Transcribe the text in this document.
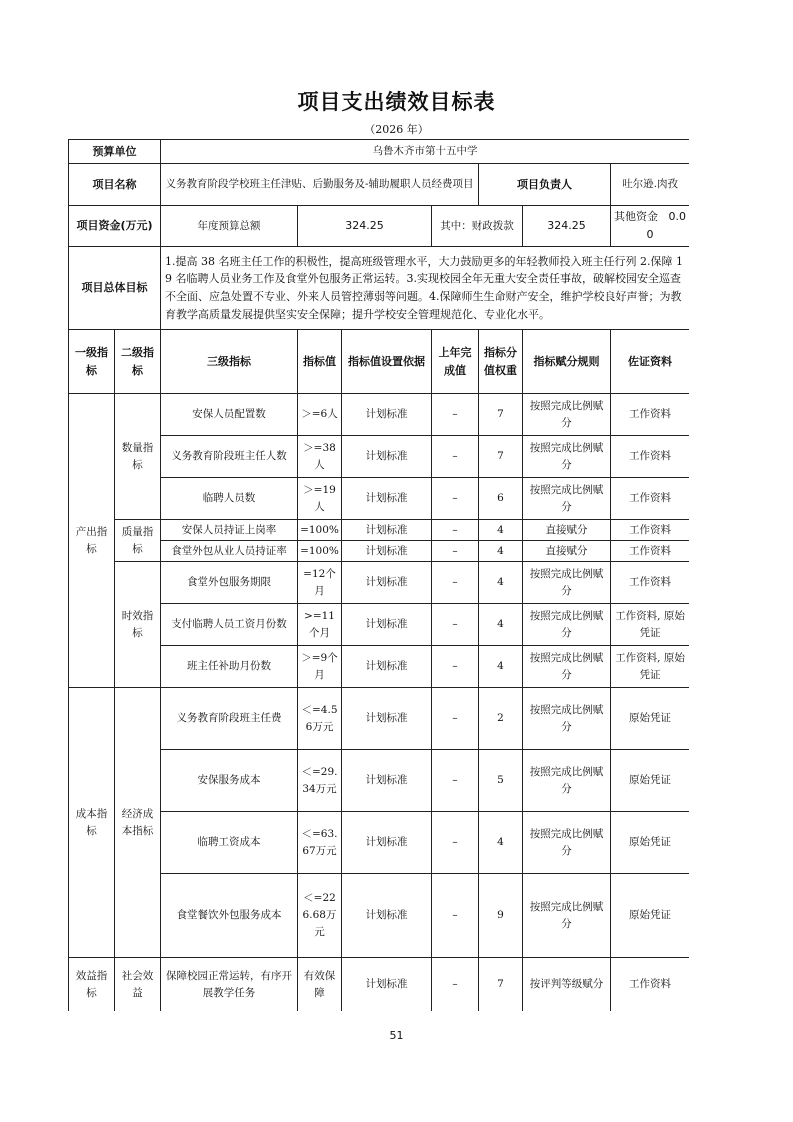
项目支出绩效目标表
（2026 年）
预算单位		乌鲁木齐市第十五中学						
项目名称		义务教育阶段学校班主任津贴、后勤服务及-辅助履职人员经费项目				项目负责人		吐尔逊.肉孜
项目资金(万元)		年度预算总额	324.25		其中：财政拨款		324.25	其他资金 0.00
项目总体目标		1.提高 38 名班主任工作的积极性，提高班级管理水平，大力鼓励更多的年轻教师投入班主任行列 2.保障 19 名临聘人员业务工作及食堂外包服务正常运转。3.实现校园全年无重大安全责任事故，破解校园安全巡查不全面、应急处置不专业、外来人员管控薄弱等问题。4.保障师生生命财产安全，维护学校良好声誉；为教育教学高质量发展提供坚实安全保障；提升学校安全管理规范化、专业化水平。						
一级指标	二级指标	三级指标	指标值	指标值设置依据	上年完成值	指标分值权重	指标赋分规则	佐证资料
产出指标	数量指标	安保人员配置数	＞=6人	计划标准	–	7	按照完成比例赋分	工作资料
		义务教育阶段班主任人数	＞=38人	计划标准	–	7	按照完成比例赋分	工作资料
		临聘人员数	＞=19人	计划标准	–	6	按照完成比例赋分	工作资料
	质量指标	安保人员持证上岗率	=100%	计划标准	–	4	直接赋分	工作资料
		食堂外包从业人员持证率	=100%	计划标准	–	4	直接赋分	工作资料
	时效指标	食堂外包服务期限	=12个月	计划标准	–	4	按照完成比例赋分	工作资料
		支付临聘人员工资月份数	>=11个月	计划标准	–	4	按照完成比例赋分	工作资料, 原始凭证
		班主任补助月份数	＞=9个月	计划标准	–	4	按照完成比例赋分	工作资料, 原始凭证
成本指标	经济成本指标	义务教育阶段班主任费	＜=4.56万元	计划标准	–	2	按照完成比例赋分	原始凭证
		安保服务成本	＜=29.34万元	计划标准	–	5	按照完成比例赋分	原始凭证
		临聘工资成本	＜=63.67万元	计划标准	–	4	按照完成比例赋分	原始凭证
		食堂餐饮外包服务成本	＜=226.68万元	计划标准	–	9	按照完成比例赋分	原始凭证
效益指标	社会效益	保障校园正常运转，有序开展教学任务	有效保障	计划标准	–	7	按评判等级赋分	工作资料
51
